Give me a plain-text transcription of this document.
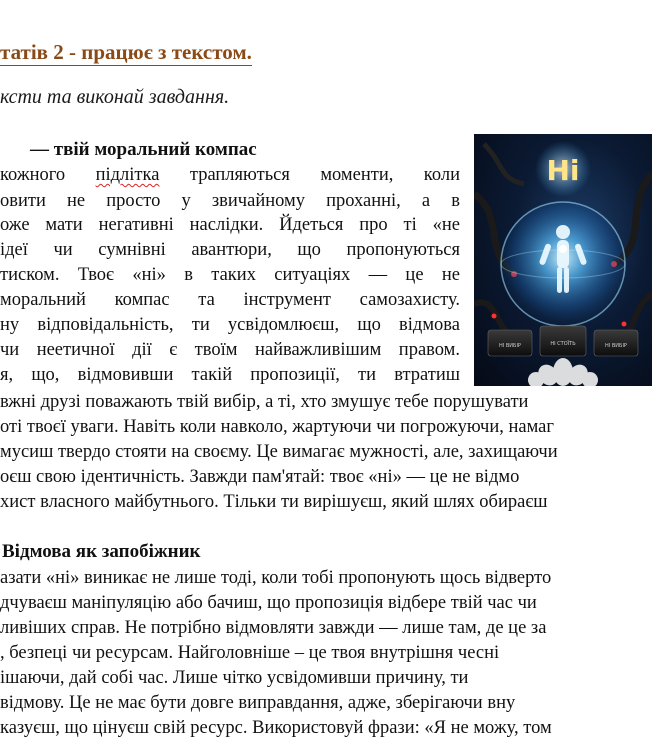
татів 2 - працює з текстом.
ксти та виконай завдання.
— твій моральний компас
кожного підлітка трапляються моменти, коли
овити не просто у звичайному проханні, а в
оже мати негативні наслідки. Йдеться про ті «не
ідеї чи сумнівні авантюри, що пропонуються
тиском. Твоє «ні» в таких ситуаціях — це не
моральний компас та інструмент самозахисту.
ну відповідальність, ти усвідомлюєш, що відмова
чи неетичної дії є твоїм найважливішим правом.
я, що, відмовивши такій пропозиції, ти втратиш
вжні друзі поважають твій вибір, а ті, хто змушує тебе порушувати
оті твоєї уваги. Навіть коли навколо, жартуючи чи погрожуючи, намаг
мусиш твердо стояти на своєму. Це вимагає мужності, але, захищаючи
оєш свою ідентичність. Завжди пам'ятай: твоє «ні» — це не відмо
хист власного майбутнього. Тільки ти вирішуєш, який шлях обираєш
Відмова як запобіжник
азати «ні» виникає не лише тоді, коли тобі пропонують щось відверто
дчуваєш маніпуляцію або бачиш, що пропозиція відбере твій час чи
ливіших справ. Не потрібно відмовляти завжди — лише там, де це за
, безпеці чи ресурсам. Найголовніше – це твоя внутрішня чесні
ішаючи, дай собі час. Лише чітко усвідомивши причину, ти
відмову. Це не має бути довге виправдання, адже, зберігаючи вну
казуєш, що цінуєш свій ресурс. Використовуй фрази: «Я не можу, том
Ні
НІ ВИБІР	НІ СТОЇТЬ	НІ ВИБІР
